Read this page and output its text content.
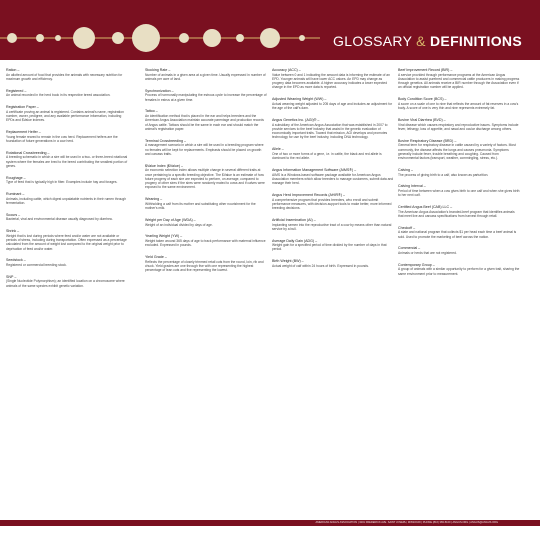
GLOSSARY & DEFINITIONS
Ration –
An allotted amount of food that provides the animals with necessary nutrition for maximum growth and efficiency.
Registered –
An animal recorded in the herd book in its respective breed association.
Registration Paper –
A certificate proving an animal is registered. Contains animal's name, registration number, owner, pedigree, and any available performance information, including EPDs and $Value indexes.
Replacement Heifer –
Young female reared to remain in the cow herd. Replacement heifers are the foundation of future generations in a cow herd.
Rotational Crossbreeding –
A breeding schematic in which a sire will be used in a two- or three-breed rotational system where the females are bred to the breed contributing the smallest portion of genes.
Roughage –
Type of feed that is typically high in fiber. Examples include hay and forages.
Ruminant –
Animals, including cattle, which digest unpalatable nutrients in their rumen through fermentation.
Scours –
Bacterial, viral and environmental disease usually diagnosed by diarrhea.
Shrink –
Weight that is lost during periods where feed and/or water are not available or periods of stress, including during transportation. Often expressed as a percentage calculated from the amount of weight lost compared to the original weight prior to deprivation of feed and/or water.
Seedstock –
Registered or commercial breeding stock.
SNP –
(Single Nucleotide Polymorphism); an identified location on a chromosome where animals of the same species exhibit genetic variation.
Stocking Rate –
Number of animals in a given area at a given time. Usually expressed in number of animals per acre of land.
Synchronization –
Process of hormonally manipulating the estrous cycle to increase the percentage of females in estrus at a given time.
Tattoo –
An identification method that is placed in the ear and helps breeders and the American Angus Association maintain accurate parentage and production records of Angus cattle. Tattoos should be the same in each ear and should match the animal's registration paper.
Terminal Crossbreeding –
A management scenario in which a sire will be used in a breeding program where no females will be kept for replacements. Emphasis should be placed on growth and carcass traits.
$Value Index ($Value) –
An economic selection index allows multiple change in several different traits at once pertaining to a specific breeding objective. The $Value is an estimate of how future progeny of each sire are expected to perform, on average, compared to progeny of other sires if the sires were randomly mated to cows and if calves were exposed to the same environment.
Weaning –
Withholding a calf from its mother and substituting other nourishment for the mother's milk.
Weight per Day of Age (WDA) –
Weight of an individual divided by days of age.
Yearling Weight (YW) –
Weight taken around 365 days of age to track performance with maternal influence excluded. Expressed in pounds.
Yield Grade –
Reflects the percentage of closely trimmed retail cuts from the round, loin, rib and chuck. Yield grades are one through five with one representing the highest percentage of lean cuts and five representing the lowest.
Accuracy (ACC) –
Value between 0 and 1 indicating the amount data is informing the estimate of an EPD. Younger animals will have lower ACC values. An EPD may change as progeny data becomes available. A higher accuracy indicates a lower expected change in the EPD as more data is reported.
Adjusted Weaning Weight (WW) –
Actual weaning weight adjusted to 205 days of age and includes an adjustment for the age of the calf's dam.
Angus Genetics Inc. (AGI)® –
A subsidiary of the American Angus Association that was established in 2007 to provide services to the beef industry that assist in the genetic evaluation of economically important traits. Toward that mission, AGI develops and promotes technology for use by the beef industry, including DNA technology.
Allele –
One of two or more forms of a gene, i.e. in cattle, the black and red allele is dominant to the red allele.
Angus Information Management Software (AIMS®) –
AIMS is a Windows-based software package available for American Angus Association members which allow breeders to manage customers, submit data and manage their herd.
Angus Herd Improvement Records (AHIR®) –
A comprehensive program that provides breeders, who enroll and submit performance measures, with decision-support tools to make better, more informed breeding decisions.
Artificial Insemination (AI) –
Implanting semen into the reproductive tract of a cow by means other than natural service by a bull.
Average Daily Gain (ADG) –
Weight gain for a specified period of time divided by the number of days in that period.
Birth Weight (BW) –
Actual weight of calf within 24 hours of birth. Expressed in pounds.
Beef Improvement Record (BIR) –
A service provided through performance programs at the American Angus Association to assist purebred and commercial cattle producers in making progress through genetics. All animals receive a BIR number through the Association even if an official registration number will be applied.
Body Condition Score (BCS) –
A score on a scale of one to nine that reflects the amount of fat reserves in a cow's body. A score of one is very thin and nine represents extremely fat.
Bovine Viral Diarrhea (BVD) –
Viral disease which causes respiratory and reproductive issues. Symptoms include fever, lethargy, loss of appetite, and nasal and ocular discharge among others.
Bovine Respiratory Disease (BRD) –
General term for respiratory disease in cattle caused by a variety of factors. Most commonly, the disease affects the lungs and causes pneumonia. Symptoms generally include fever, trouble breathing and coughing. Caused from environmental factors (transport, weather, commingling, stress, etc.).
Calving –
The process of giving birth to a calf, also known as parturition.
Calving Interval –
Period of time between when a cow gives birth to one calf and when she gives birth to her next calf.
Certified Angus Beef (CAB) LLC –
The American Angus Association's branded-beef program that identifies animals that meet live and carcass specifications from harvest through retail.
Checkoff –
A state and national program that collects $1 per head each time a beef animal is sold. Used to promote the marketing of beef across the nation.
Commercial –
Animals or herds that are not registered.
Contemporary Group –
A group of animals with a similar opportunity to perform for a given trait, sharing the same environment prior to measurement.
AMERICAN ANGUS ASSOCIATION | 3201 FREDERICK AVE. SAINT JOSEPH, MISSOURI | PHONE (816) 383-5100 | ANGUS.ORG | ANGUS@ANGUS.ORG
